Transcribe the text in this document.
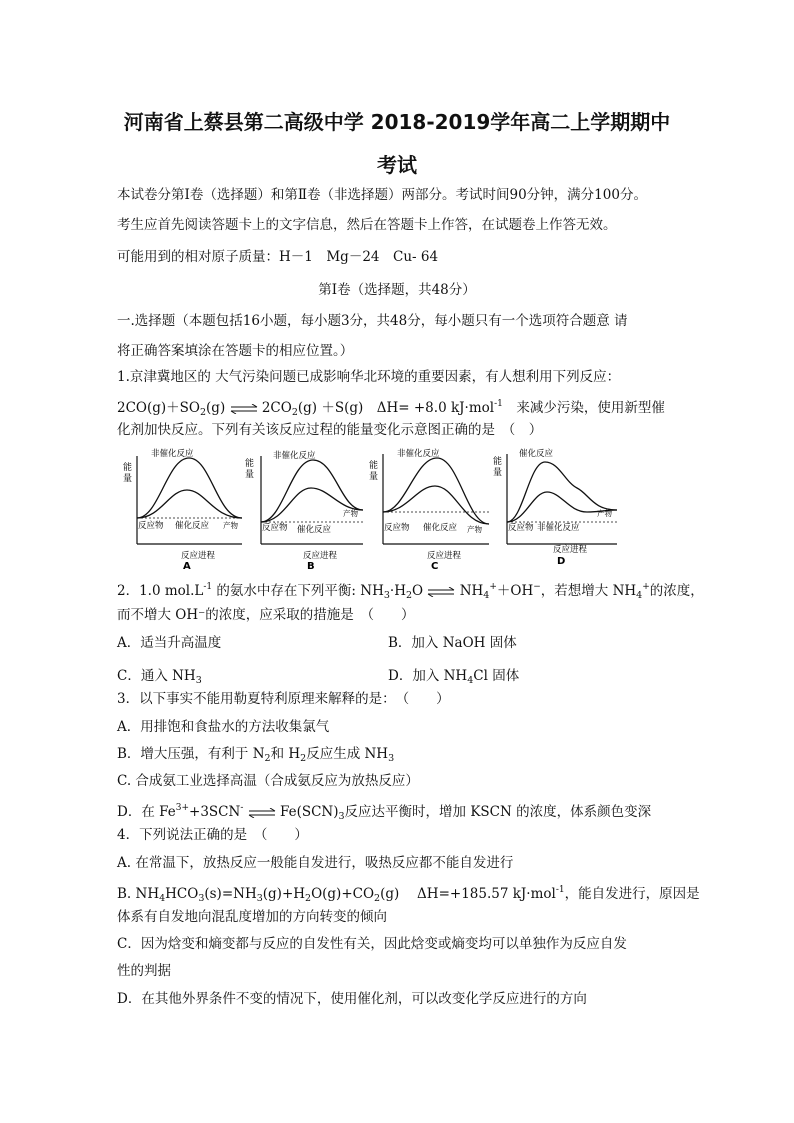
河南省上蔡县第二高级中学 2018-2019学年高二上学期期中
考试
本试卷分第Ⅰ卷（选择题）和第Ⅱ卷（非选择题）两部分。考试时间90分钟，满分100分。
考生应首先阅读答题卡上的文字信息，然后在答题卡上作答，在试题卷上作答无效。
可能用到的相对原子质量：H－1　Mg－24　Cu- 64
第Ⅰ卷（选择题，共48分）
一.选择题（本题包括16小题，每小题3分，共48分，每小题只有一个选项符合题意 请
将正确答案填涂在答题卡的相应位置。）
1.京津冀地区的 大气污染问题已成影响华北环境的重要因素，有人想利用下列反应：
$2CO(g)+SO_2(g)$ ⇌ $2CO_2(g) +S(g)$　ΔH= +8.0 kJ·mol$^{-1}$　来减少污染，使用新型催
化剂加快反应。下列有关该反应过程的能量变化示意图正确的是　（　）
能
量
非催化反应
反应物 催化反应 产物
反应进程
A
能
量
非催化反应
反应物 催化反应
产物
反应进程
B
能
量
非催化反应
反应物 催化反应 产物
反应进程
C
能
量
催化反应
反应物 非催化反应
产物
反应进程
D
2．1.0 $mol.L^{-1}$ 的氨水中存在下列平衡: $NH_3\cdot H_2O$ ⇌ $NH_4^++OH^-$，若想增大 $NH_4^+$的浓度，
而不增大 OH⁻的浓度，应采取的措施是　（　　）
A．适当升高温度	B．加入 NaOH 固体
C．通入 $NH_3$	D．加入 $NH_4Cl$ 固体
3．以下事实不能用勒夏特利原理来解释的是：　（　　）
A．用排饱和食盐水的方法收集氯气
B．增大压强，有利于 $N_2$和 $H_2$反应生成 $NH_3$
C. 合成氨工业选择高温（合成氨反应为放热反应）
D．在 $Fe^{3+}+3SCN^-$ ⇌ $Fe(SCN)_3$反应达平衡时，增加 KSCN 的浓度，体系颜色变深
4．下列说法正确的是　（　　）
A. 在常温下，放热反应一般能自发进行，吸热反应都不能自发进行
B. $NH_4HCO_3(s)=NH_3(g)+H_2O(g)+CO_2(g)$　 ΔH=+185.57 kJ·mol$^{-1}$，能自发进行，原因是
体系有自发地向混乱度增加的方向转变的倾向
C．因为焓变和熵变都与反应的自发性有关，因此焓变或熵变均可以单独作为反应自发
性的判据
D．在其他外界条件不变的情况下，使用催化剂，可以改变化学反应进行的方向
